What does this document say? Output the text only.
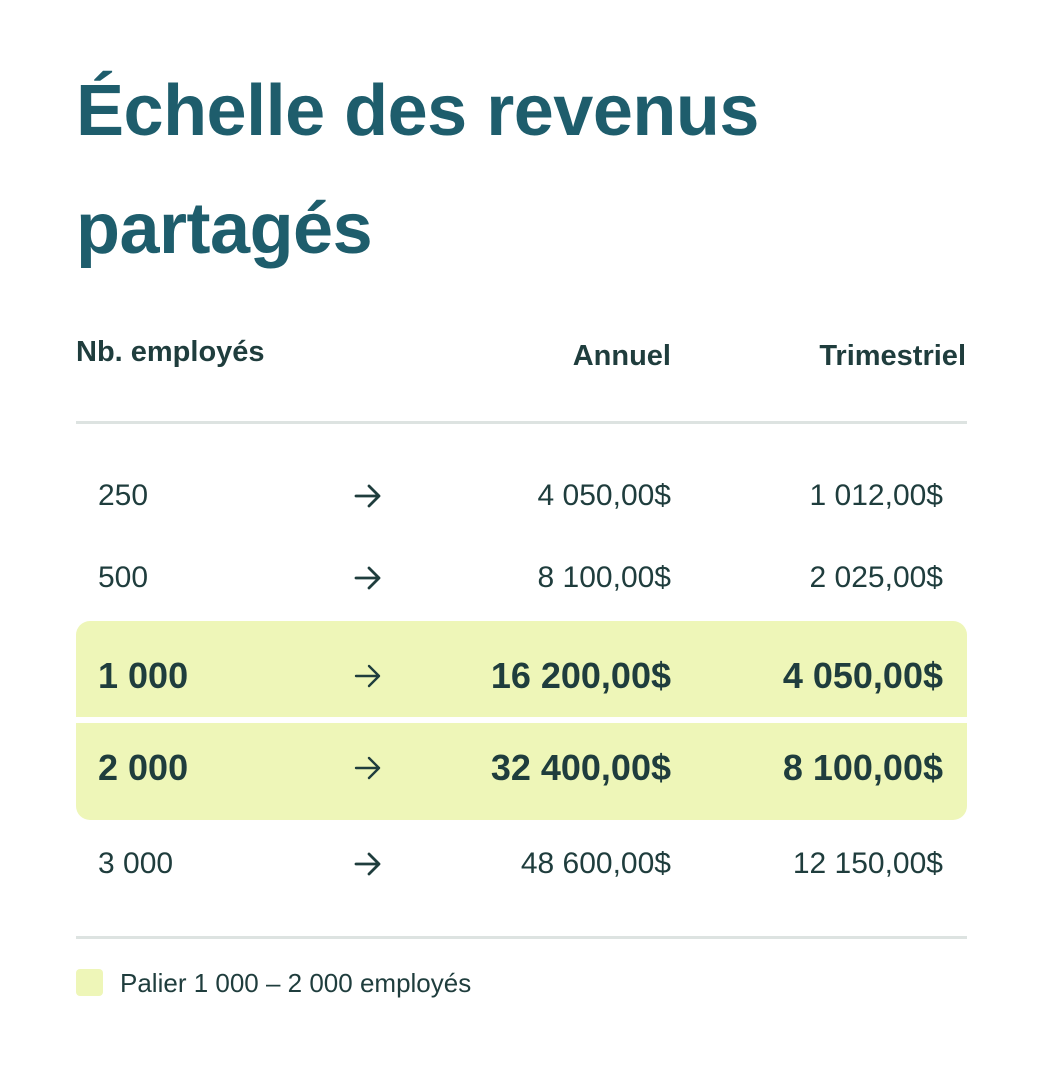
Échelle des revenus partagés
Nb. employés	Annuel	Trimestriel
250	4 050,00$	1 012,00$
500	8 100,00$	2 025,00$
1 000	16 200,00$	4 050,00$
2 000	32 400,00$	8 100,00$
3 000	48 600,00$	12 150,00$
Palier 1 000 – 2 000 employés
